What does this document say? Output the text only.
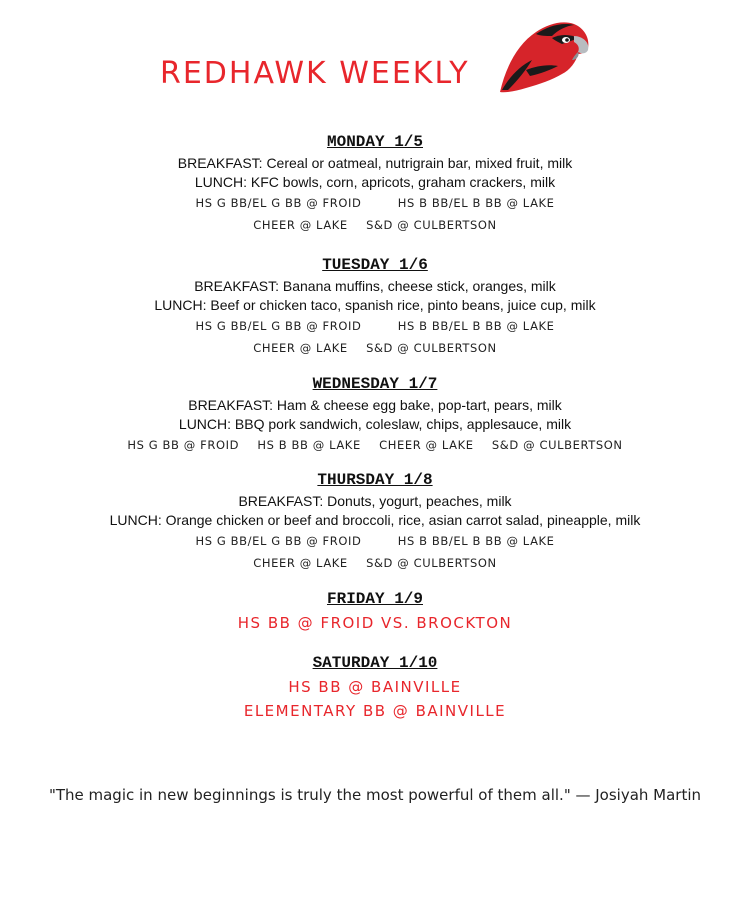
REDHAWK WEEKLY
MONDAY 1/5
BREAKFAST: Cereal or oatmeal, nutrigrain bar, mixed fruit, milk
LUNCH: KFC bowls, corn, apricots, graham crackers, milk
HS G BB/EL G BB @ FROID	HS B BB/EL B BB @ LAKE
CHEER @ LAKE S&D @ CULBERTSON
TUESDAY 1/6
BREAKFAST: Banana muffins, cheese stick, oranges, milk
LUNCH: Beef or chicken taco, spanish rice, pinto beans, juice cup, milk
HS G BB/EL G BB @ FROID	HS B BB/EL B BB @ LAKE
CHEER @ LAKE S&D @ CULBERTSON
WEDNESDAY 1/7
BREAKFAST: Ham & cheese egg bake, pop-tart, pears, milk
LUNCH: BBQ pork sandwich, coleslaw, chips, applesauce, milk
HS G BB @ FROID HS B BB @ LAKE CHEER @ LAKE S&D @ CULBERTSON
THURSDAY 1/8
BREAKFAST: Donuts, yogurt, peaches, milk
LUNCH: Orange chicken or beef and broccoli, rice, asian carrot salad, pineapple, milk
HS G BB/EL G BB @ FROID	HS B BB/EL B BB @ LAKE
CHEER @ LAKE S&D @ CULBERTSON
FRIDAY 1/9
HS BB @ FROID VS. BROCKTON
SATURDAY 1/10
HS BB @ BAINVILLE
ELEMENTARY BB @ BAINVILLE
"The magic in new beginnings is truly the most powerful of them all." — Josiyah Martin
